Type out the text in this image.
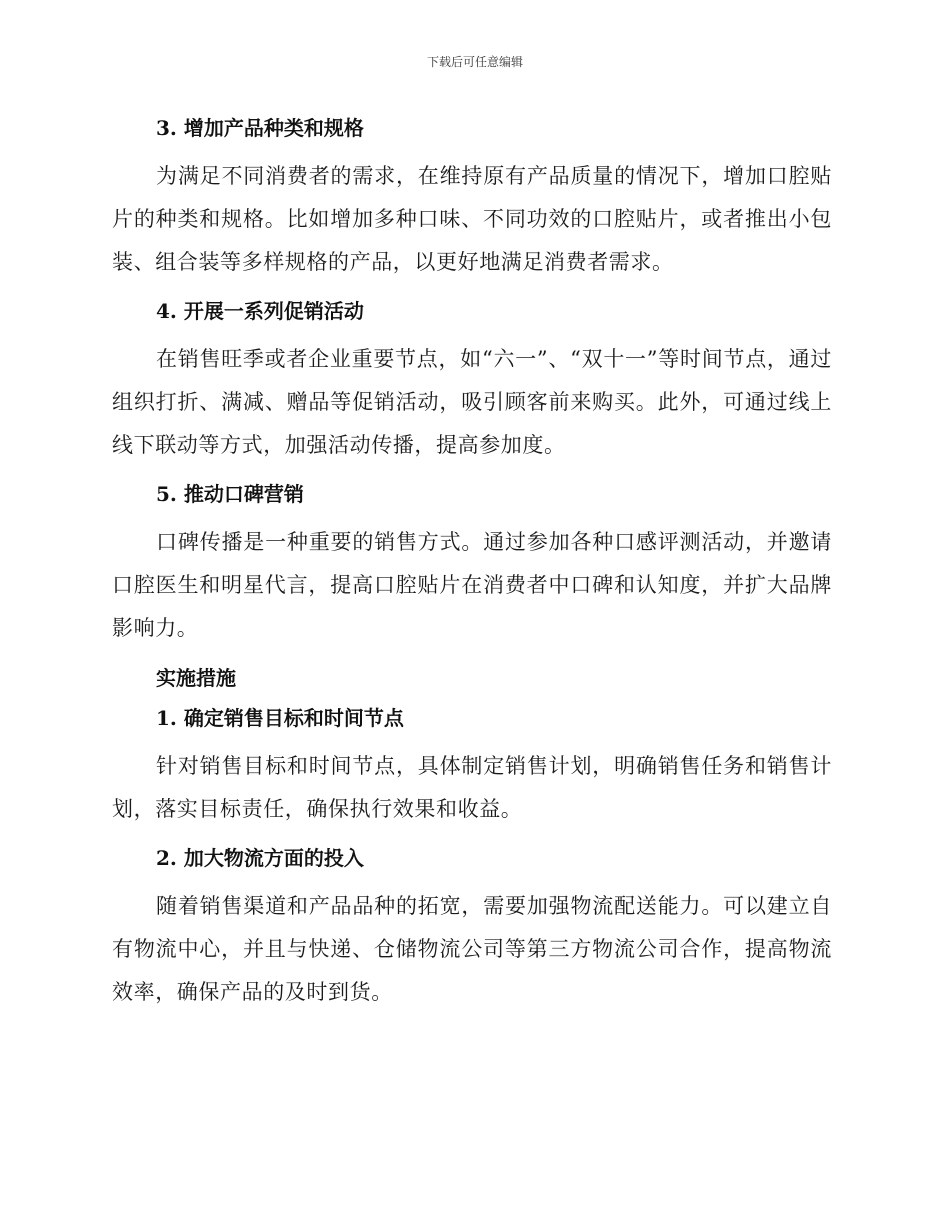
下载后可任意编辑
3. 增加产品种类和规格

为满足不同消费者的需求，在维持原有产品质量的情况下，增加口腔贴片的种类和规格。比如增加多种口味、不同功效的口腔贴片，或者推出小包装、组合装等多样规格的产品，以更好地满足消费者需求。

4. 开展一系列促销活动

在销售旺季或者企业重要节点，如“六一”、“双十一”等时间节点，通过组织打折、满减、赠品等促销活动，吸引顾客前来购买。此外，可通过线上线下联动等方式，加强活动传播，提高参加度。

5. 推动口碑营销

口碑传播是一种重要的销售方式。通过参加各种口感评测活动，并邀请口腔医生和明星代言，提高口腔贴片在消费者中口碑和认知度，并扩大品牌影响力。

实施措施
1. 确定销售目标和时间节点

针对销售目标和时间节点，具体制定销售计划，明确销售任务和销售计划，落实目标责任，确保执行效果和收益。

2. 加大物流方面的投入

随着销售渠道和产品品种的拓宽，需要加强物流配送能力。可以建立自有物流中心，并且与快递、仓储物流公司等第三方物流公司合作，提高物流效率，确保产品的及时到货。
